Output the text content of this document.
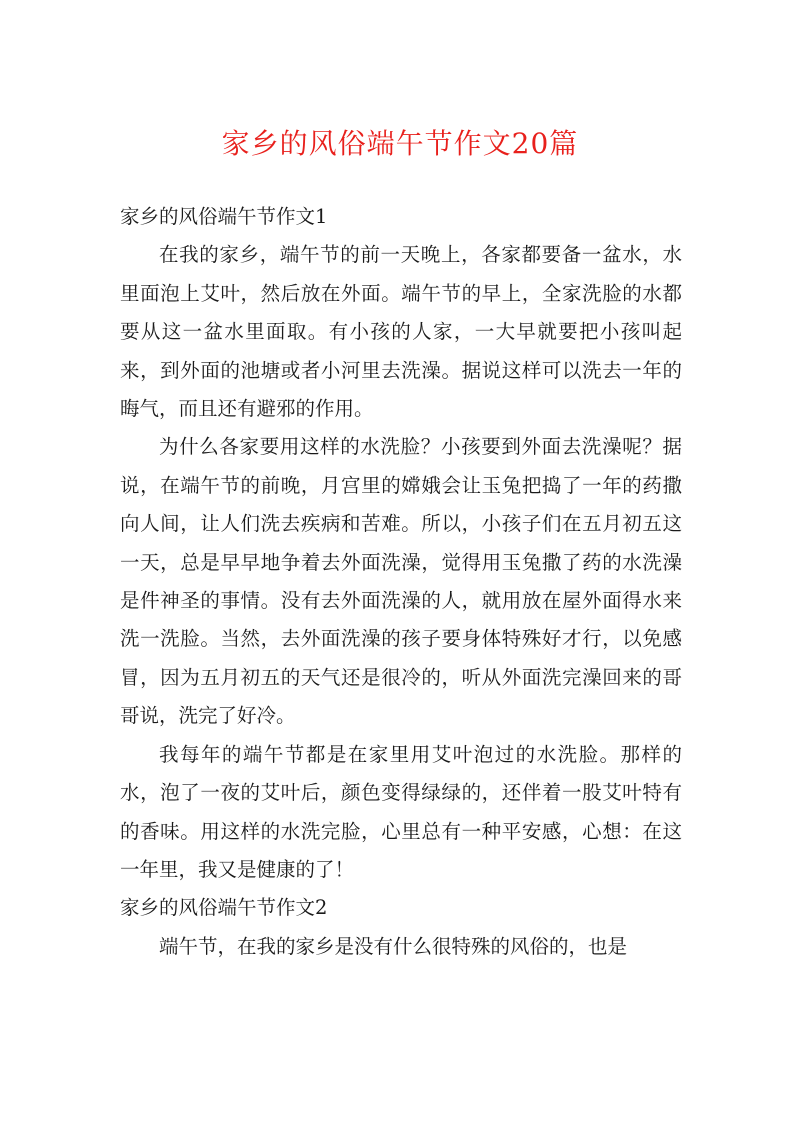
家乡的风俗端午节作文20篇

家乡的风俗端午节作文1

在我的家乡，端午节的前一天晚上，各家都要备一盆水，水里面泡上艾叶，然后放在外面。端午节的早上，全家洗脸的水都要从这一盆水里面取。有小孩的人家，一大早就要把小孩叫起来，到外面的池塘或者小河里去洗澡。据说这样可以洗去一年的晦气，而且还有避邪的作用。

为什么各家要用这样的水洗脸？小孩要到外面去洗澡呢？据说，在端午节的前晚，月宫里的嫦娥会让玉兔把捣了一年的药撒向人间，让人们洗去疾病和苦难。所以，小孩子们在五月初五这一天，总是早早地争着去外面洗澡，觉得用玉兔撒了药的水洗澡是件神圣的事情。没有去外面洗澡的人，就用放在屋外面得水来洗一洗脸。当然，去外面洗澡的孩子要身体特殊好才行，以免感冒，因为五月初五的天气还是很冷的，听从外面洗完澡回来的哥哥说，洗完了好冷。

我每年的端午节都是在家里用艾叶泡过的水洗脸。那样的水，泡了一夜的艾叶后，颜色变得绿绿的，还伴着一股艾叶特有的香味。用这样的水洗完脸，心里总有一种平安感，心想：在这一年里，我又是健康的了！

家乡的风俗端午节作文2

端午节，在我的家乡是没有什么很特殊的风俗的，也是
